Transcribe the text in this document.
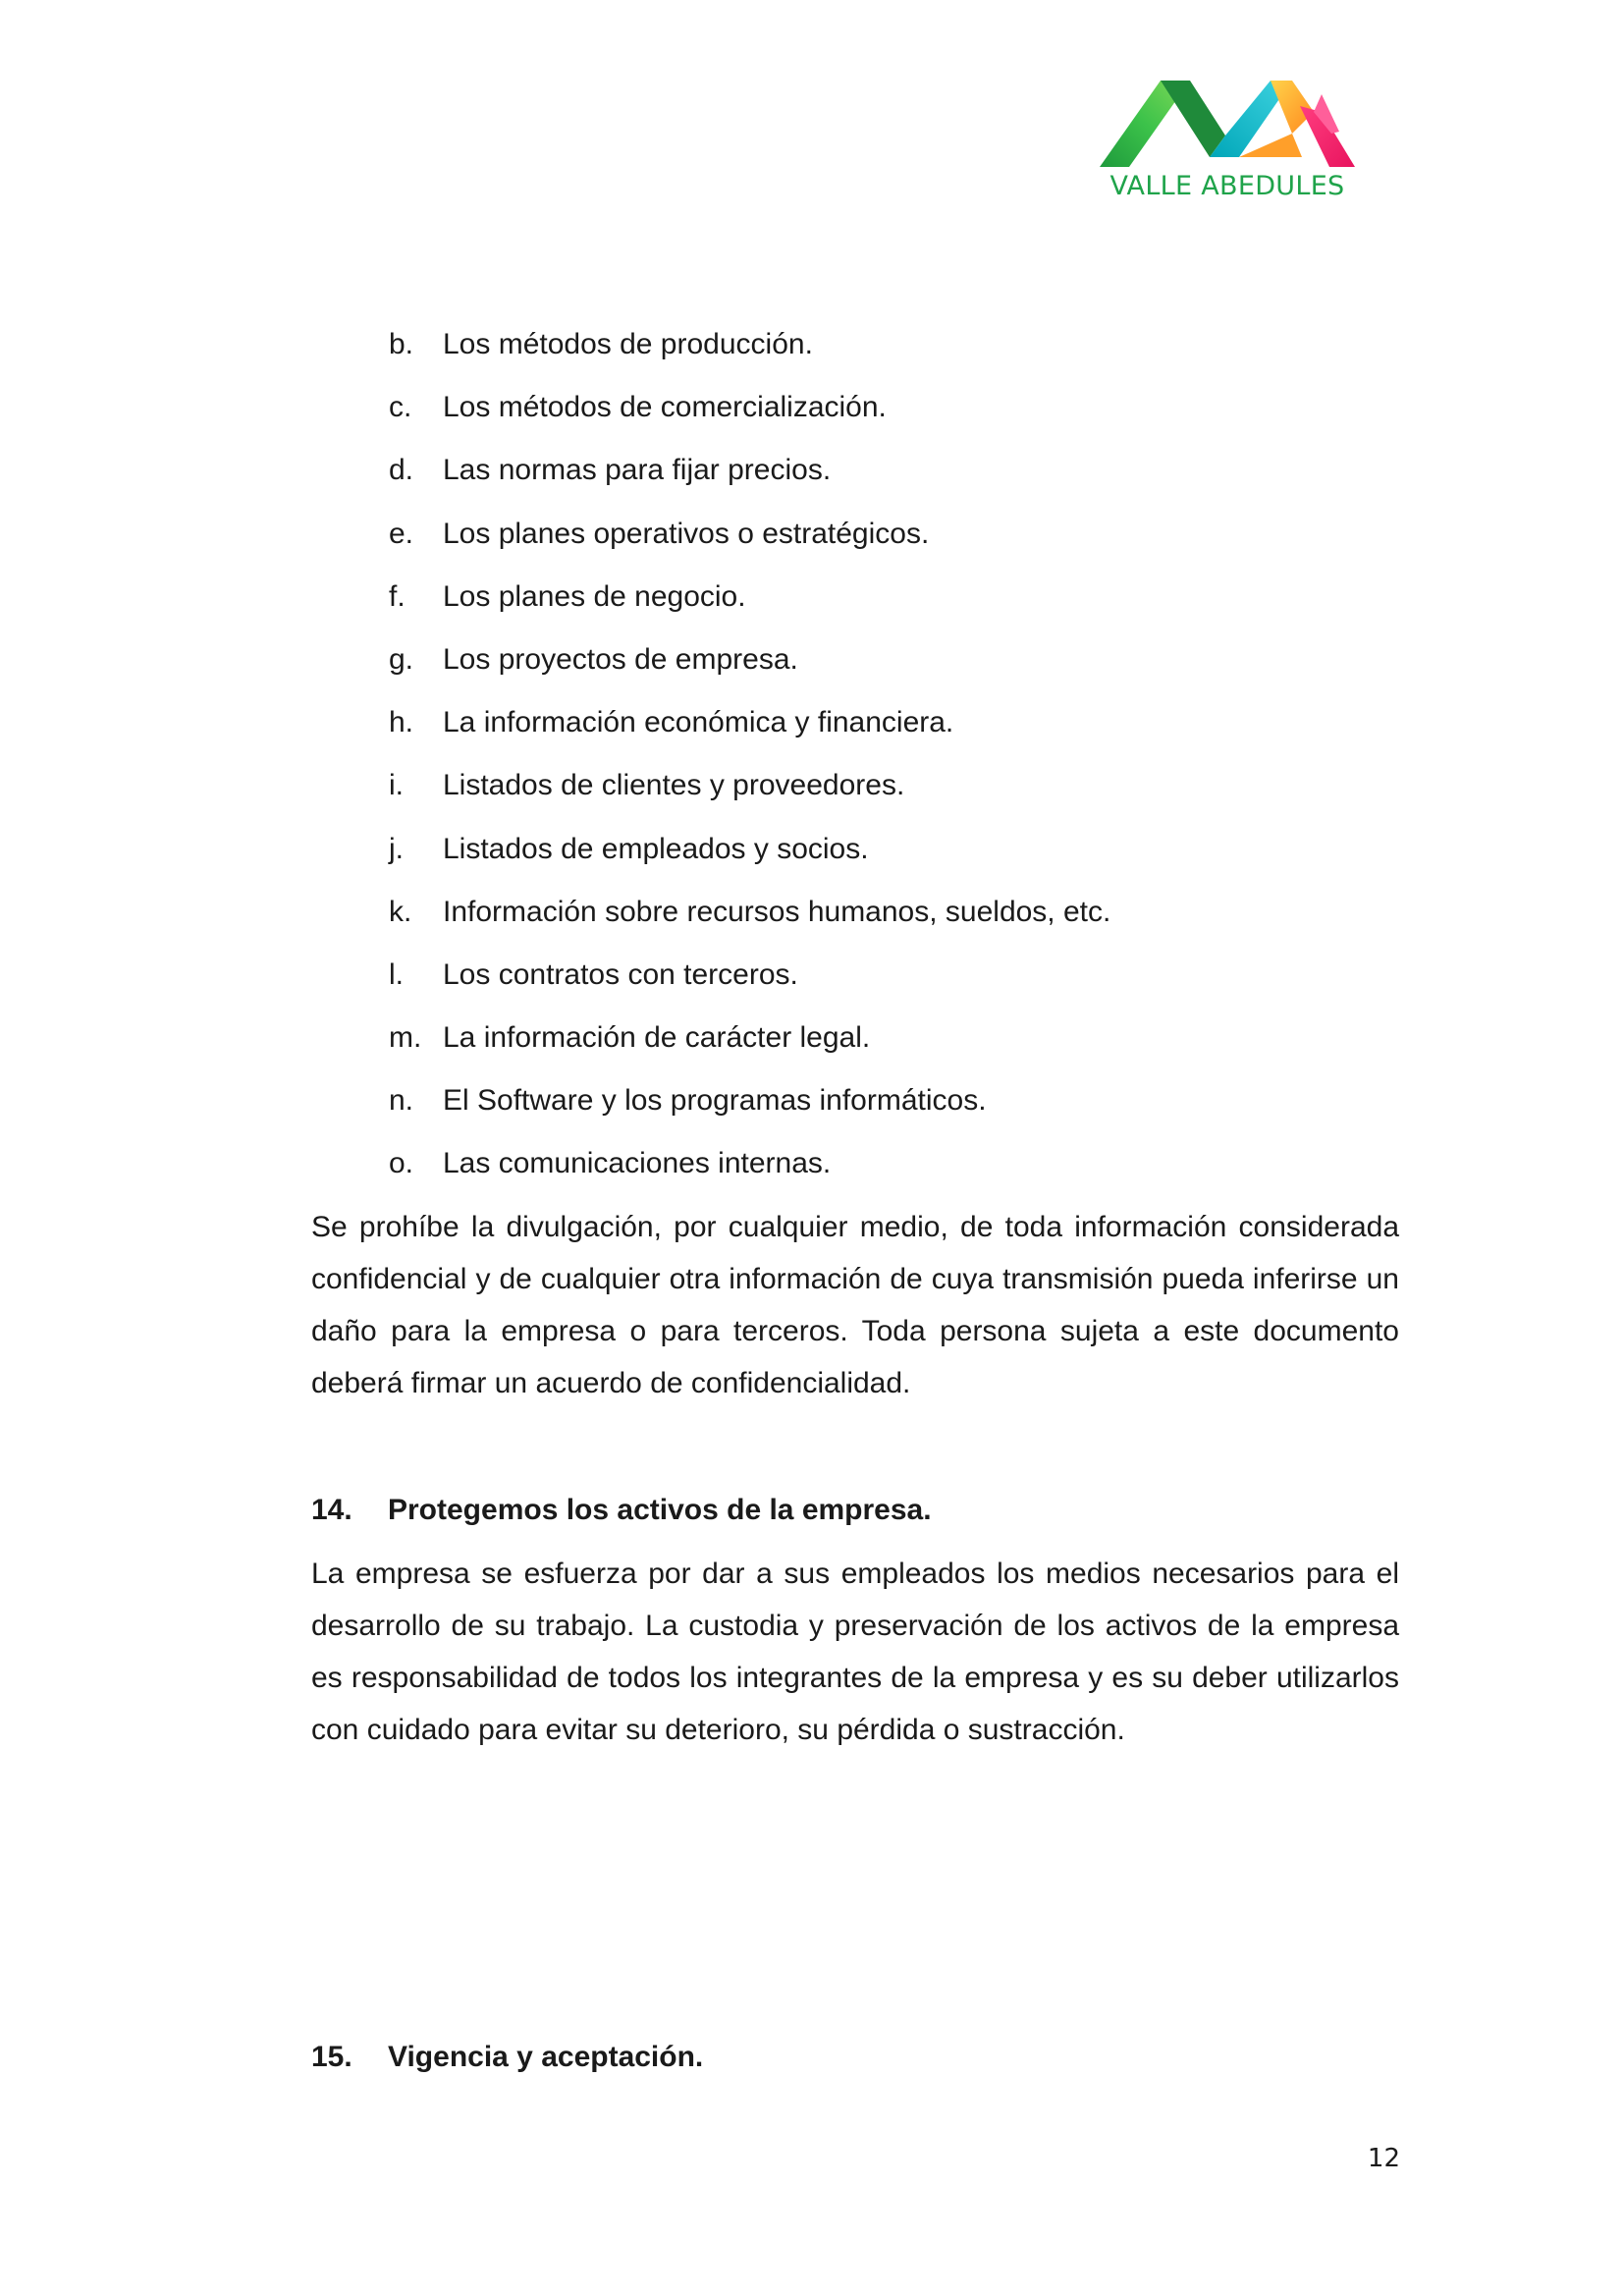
VALLE ABEDULES
b. Los métodos de producción.
c. Los métodos de comercialización.
d. Las normas para fijar precios.
e. Los planes operativos o estratégicos.
f. Los planes de negocio.
g. Los proyectos de empresa.
h. La información económica y financiera.
i. Listados de clientes y proveedores.
j. Listados de empleados y socios.
k. Información sobre recursos humanos, sueldos, etc.
l. Los contratos con terceros.
m. La información de carácter legal.
n. El Software y los programas informáticos.
o. Las comunicaciones internas.

Se prohíbe la divulgación, por cualquier medio, de toda información considerada confidencial y de cualquier otra información de cuya transmisión pueda inferirse un daño para la empresa o para terceros. Toda persona sujeta a este documento deberá firmar un acuerdo de confidencialidad.

14. Protegemos los activos de la empresa.

La empresa se esfuerza por dar a sus empleados los medios necesarios para el desarrollo de su trabajo. La custodia y preservación de los activos de la empresa es responsabilidad de todos los integrantes de la empresa y es su deber utilizarlos con cuidado para evitar su deterioro, su pérdida o sustracción.

15. Vigencia y aceptación.
12
